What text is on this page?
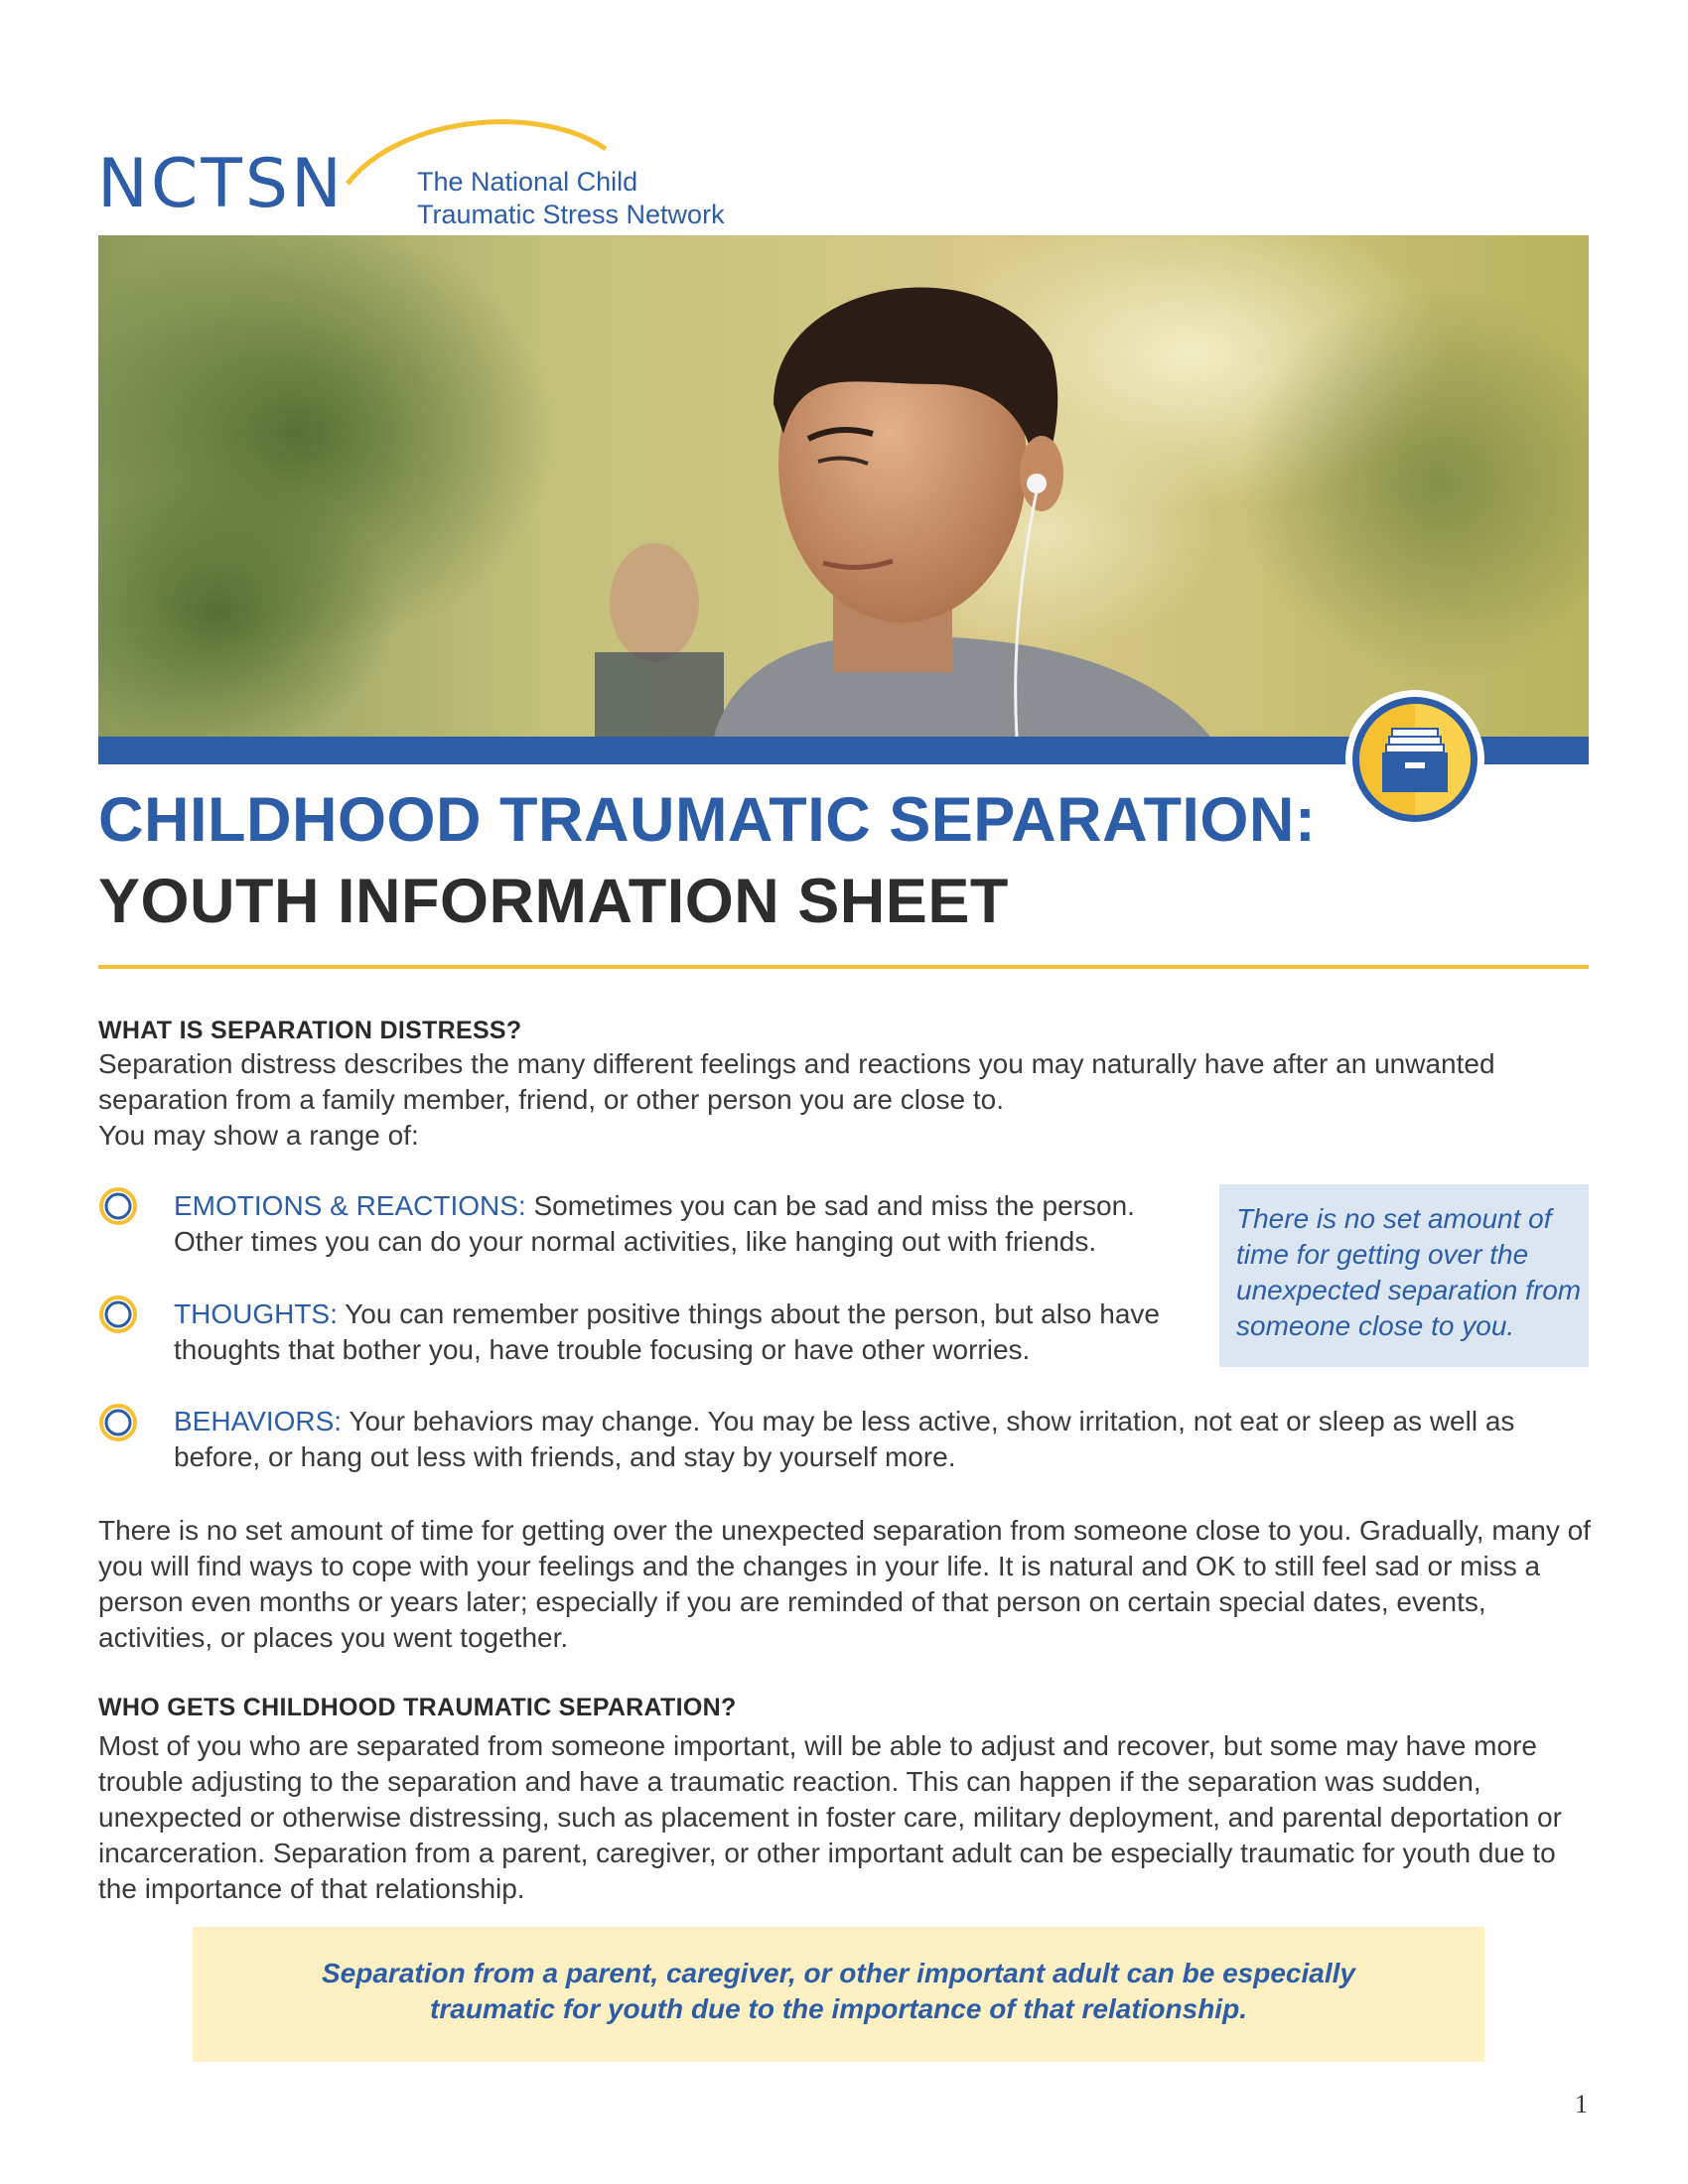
NCTSN	The National Child
Traumatic Stress Network
CHILDHOOD TRAUMATIC SEPARATION:
YOUTH INFORMATION SHEET
WHAT IS SEPARATION DISTRESS?

Separation distress describes the many different feelings and reactions you may naturally have after an unwanted separation from a family member, friend, or other person you are close to.

You may show a range of:

EMOTIONS & REACTIONS: Sometimes you can be sad and miss the person. Other times you can do your normal activities, like hanging out with friends.
THOUGHTS: You can remember positive things about the person, but also have thoughts that bother you, have trouble focusing or have other worries.
BEHAVIORS: Your behaviors may change. You may be less active, show irritation, not eat or sleep as well as before, or hang out less with friends, and stay by yourself more.
There is no set amount of time for getting over the unexpected separation from someone close to you.

There is no set amount of time for getting over the unexpected separation from someone close to you. Gradually, many of you will find ways to cope with your feelings and the changes in your life. It is natural and OK to still feel sad or miss a person even months or years later; especially if you are reminded of that person on certain special dates, events, activities, or places you went together.

WHO GETS CHILDHOOD TRAUMATIC SEPARATION?

Most of you who are separated from someone important, will be able to adjust and recover, but some may have more trouble adjusting to the separation and have a traumatic reaction. This can happen if the separation was sudden, unexpected or otherwise distressing, such as placement in foster care, military deployment, and parental deportation or incarceration. Separation from a parent, caregiver, or other important adult can be especially traumatic for youth due to the importance of that relationship.

Separation from a parent, caregiver, or other important adult can be especially
traumatic for youth due to the importance of that relationship.
1
